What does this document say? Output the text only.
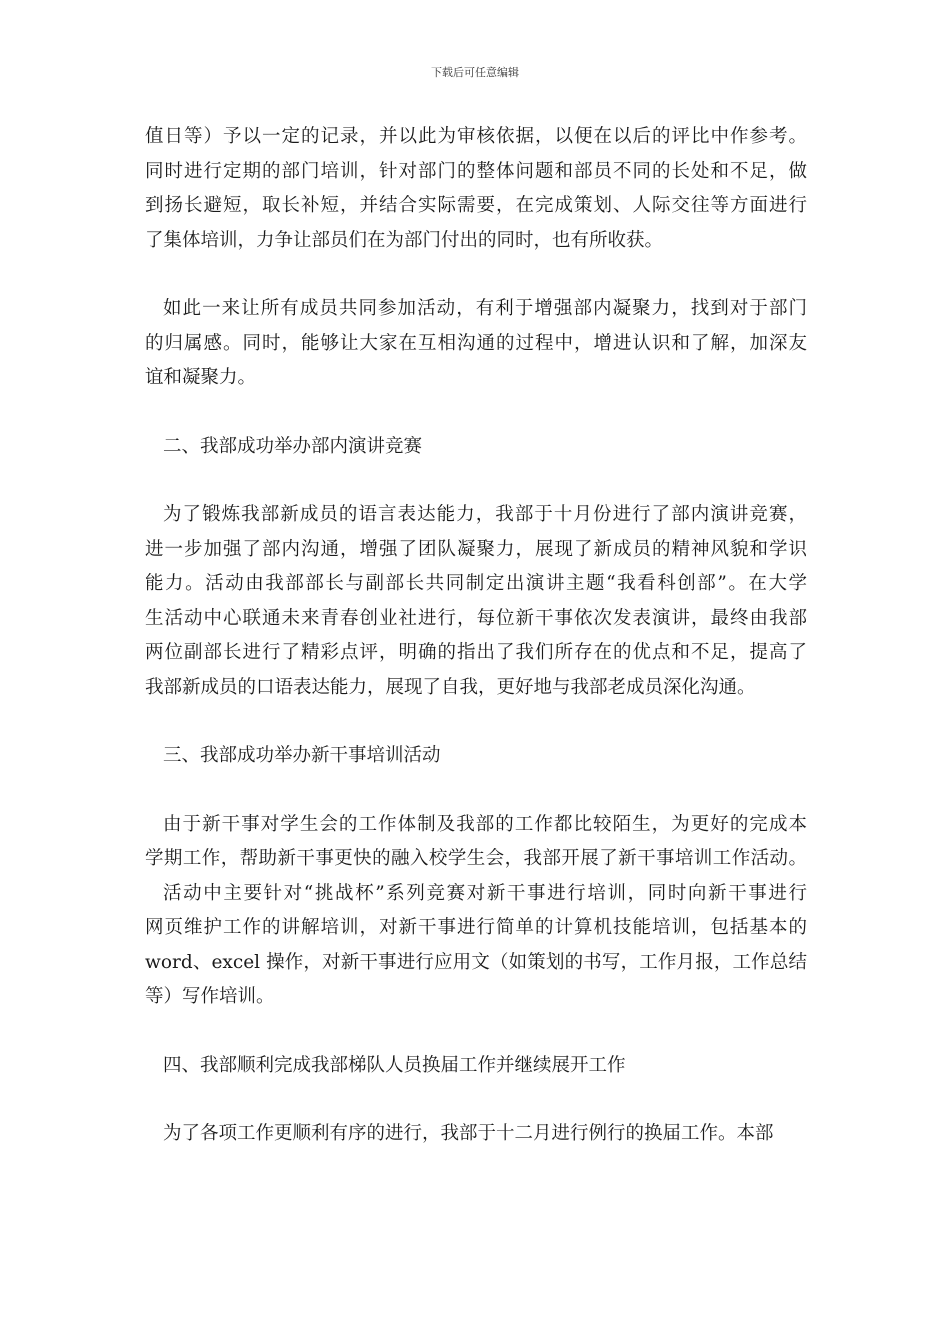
下载后可任意编辑

值日等）予以一定的记录，并以此为审核依据，以便在以后的评比中作参考。
同时进行定期的部门培训，针对部门的整体问题和部员不同的长处和不足，做
到扬长避短，取长补短，并结合实际需要，在完成策划、人际交往等方面进行
了集体培训，力争让部员们在为部门付出的同时，也有所收获。

如此一来让所有成员共同参加活动，有利于增强部内凝聚力，找到对于部门
的归属感。同时，能够让大家在互相沟通的过程中，增进认识和了解，加深友
谊和凝聚力。

二、我部成功举办部内演讲竞赛

为了锻炼我部新成员的语言表达能力，我部于十月份进行了部内演讲竞赛，
进一步加强了部内沟通，增强了团队凝聚力，展现了新成员的精神风貌和学识
能力。活动由我部部长与副部长共同制定出演讲主题“我看科创部”。在大学
生活动中心联通未来青春创业社进行，每位新干事依次发表演讲，最终由我部
两位副部长进行了精彩点评，明确的指出了我们所存在的优点和不足，提高了
我部新成员的口语表达能力，展现了自我，更好地与我部老成员深化沟通。

三、我部成功举办新干事培训活动

由于新干事对学生会的工作体制及我部的工作都比较陌生，为更好的完成本
学期工作，帮助新干事更快的融入校学生会，我部开展了新干事培训工作活动。
活动中主要针对“挑战杯”系列竞赛对新干事进行培训，同时向新干事进行
网页维护工作的讲解培训，对新干事进行简单的计算机技能培训，包括基本的
word、excel 操作，对新干事进行应用文（如策划的书写，工作月报，工作总结
等）写作培训。

四、我部顺利完成我部梯队人员换届工作并继续展开工作

为了各项工作更顺利有序的进行，我部于十二月进行例行的换届工作。本部
